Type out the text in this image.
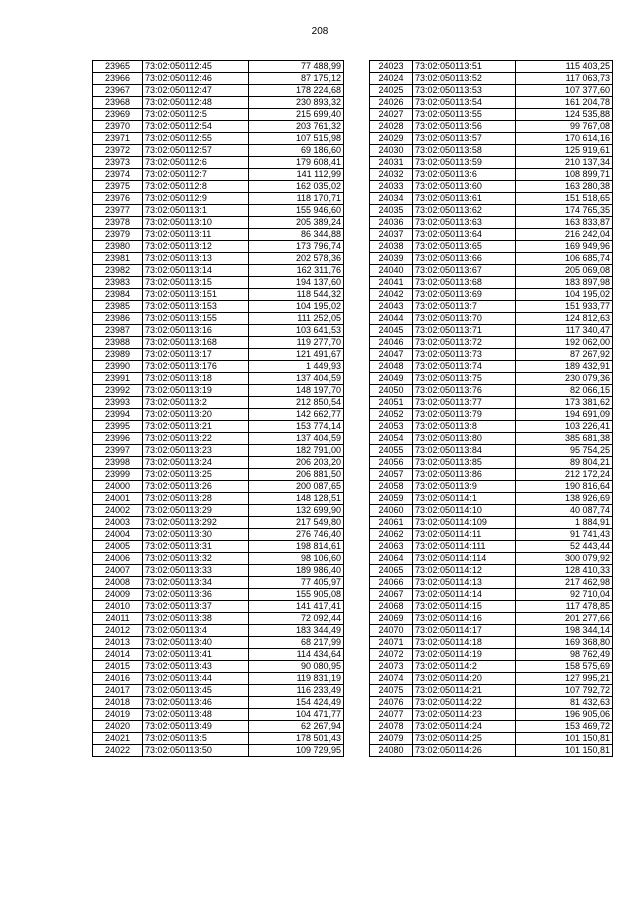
208
23965	73:02:050112:45	77 488,99
23966	73:02:050112:46	87 175,12
23967	73:02:050112:47	178 224,68
23968	73:02:050112:48	230 893,32
23969	73:02:050112:5	215 699,40
23970	73:02:050112:54	203 761,32
23971	73:02:050112:55	107 515,98
23972	73:02:050112:57	69 186,60
23973	73:02:050112:6	179 608,41
23974	73:02:050112:7	141 112,99
23975	73:02:050112:8	162 035,02
23976	73:02:050112:9	118 170,71
23977	73:02:050113:1	155 946,60
23978	73:02:050113:10	205 389,24
23979	73:02:050113:11	86 344,88
23980	73:02:050113:12	173 796,74
23981	73:02:050113:13	202 578,36
23982	73:02:050113:14	162 311,76
23983	73:02:050113:15	194 137,60
23984	73:02:050113:151	118 544,32
23985	73:02:050113:153	104 195,02
23986	73:02:050113:155	111 252,05
23987	73:02:050113:16	103 641,53
23988	73:02:050113:168	119 277,70
23989	73:02:050113:17	121 491,67
23990	73:02:050113:176	1 449,93
23991	73:02:050113:18	137 404,59
23992	73:02:050113:19	148 197,70
23993	73:02:050113:2	212 850,54
23994	73:02:050113:20	142 662,77
23995	73:02:050113:21	153 774,14
23996	73:02:050113:22	137 404,59
23997	73:02:050113:23	182 791,00
23998	73:02:050113:24	206 203,20
23999	73:02:050113:25	206 881,50
24000	73:02:050113:26	200 087,65
24001	73:02:050113:28	148 128,51
24002	73:02:050113:29	132 699,90
24003	73:02:050113:292	217 549,80
24004	73:02:050113:30	276 746,40
24005	73:02:050113:31	198 814,61
24006	73:02:050113:32	98 106,60
24007	73:02:050113:33	189 986,40
24008	73:02:050113:34	77 405,97
24009	73:02:050113:36	155 905,08
24010	73:02:050113:37	141 417,41
24011	73:02:050113:38	72 092,44
24012	73:02:050113:4	183 344,49
24013	73:02:050113:40	68 217,99
24014	73:02:050113:41	114 434,64
24015	73:02:050113:43	90 080,95
24016	73:02:050113:44	119 831,19
24017	73:02:050113:45	116 233,49
24018	73:02:050113:46	154 424,49
24019	73:02:050113:48	104 471,77
24020	73:02:050113:49	62 267,94
24021	73:02:050113:5	178 501,43
24022	73:02:050113:50	109 729,95
24023	73:02:050113:51	115 403,25
24024	73:02:050113:52	117 063,73
24025	73:02:050113:53	107 377,60
24026	73:02:050113:54	161 204,78
24027	73:02:050113:55	124 535,88
24028	73:02:050113:56	99 767,08
24029	73:02:050113:57	170 614,16
24030	73:02:050113:58	125 919,61
24031	73:02:050113:59	210 137,34
24032	73:02:050113:6	108 899,71
24033	73:02:050113:60	163 280,38
24034	73:02:050113:61	151 518,65
24035	73:02:050113:62	174 765,35
24036	73:02:050113:63	163 833,87
24037	73:02:050113:64	216 242,04
24038	73:02:050113:65	169 949,96
24039	73:02:050113:66	106 685,74
24040	73:02:050113:67	205 069,08
24041	73:02:050113:68	183 897,98
24042	73:02:050113:69	104 195,02
24043	73:02:050113:7	151 933,77
24044	73:02:050113:70	124 812,63
24045	73:02:050113:71	117 340,47
24046	73:02:050113:72	192 062,00
24047	73:02:050113:73	87 267,92
24048	73:02:050113:74	189 432,91
24049	73:02:050113:75	230 079,36
24050	73:02:050113:76	82 066,15
24051	73:02:050113:77	173 381,62
24052	73:02:050113:79	194 691,09
24053	73:02:050113:8	103 226,41
24054	73:02:050113:80	385 681,38
24055	73:02:050113:84	95 754,25
24056	73:02:050113:85	89 804,21
24057	73:02:050113:86	212 172,24
24058	73:02:050113:9	190 816,64
24059	73:02:050114:1	138 926,69
24060	73:02:050114:10	40 087,74
24061	73:02:050114:109	1 884,91
24062	73:02:050114:11	91 741,43
24063	73:02:050114:111	52 443,44
24064	73:02:050114:114	300 079,92
24065	73:02:050114:12	128 410,33
24066	73:02:050114:13	217 462,98
24067	73:02:050114:14	92 710,04
24068	73:02:050114:15	117 478,85
24069	73:02:050114:16	201 277,66
24070	73:02:050114:17	198 344,14
24071	73:02:050114:18	169 368,80
24072	73:02:050114:19	98 762,49
24073	73:02:050114:2	158 575,69
24074	73:02:050114:20	127 995,21
24075	73:02:050114:21	107 792,72
24076	73:02:050114:22	81 432,63
24077	73:02:050114:23	196 905,06
24078	73:02:050114:24	153 469,72
24079	73:02:050114:25	101 150,81
24080	73:02:050114:26	101 150,81
